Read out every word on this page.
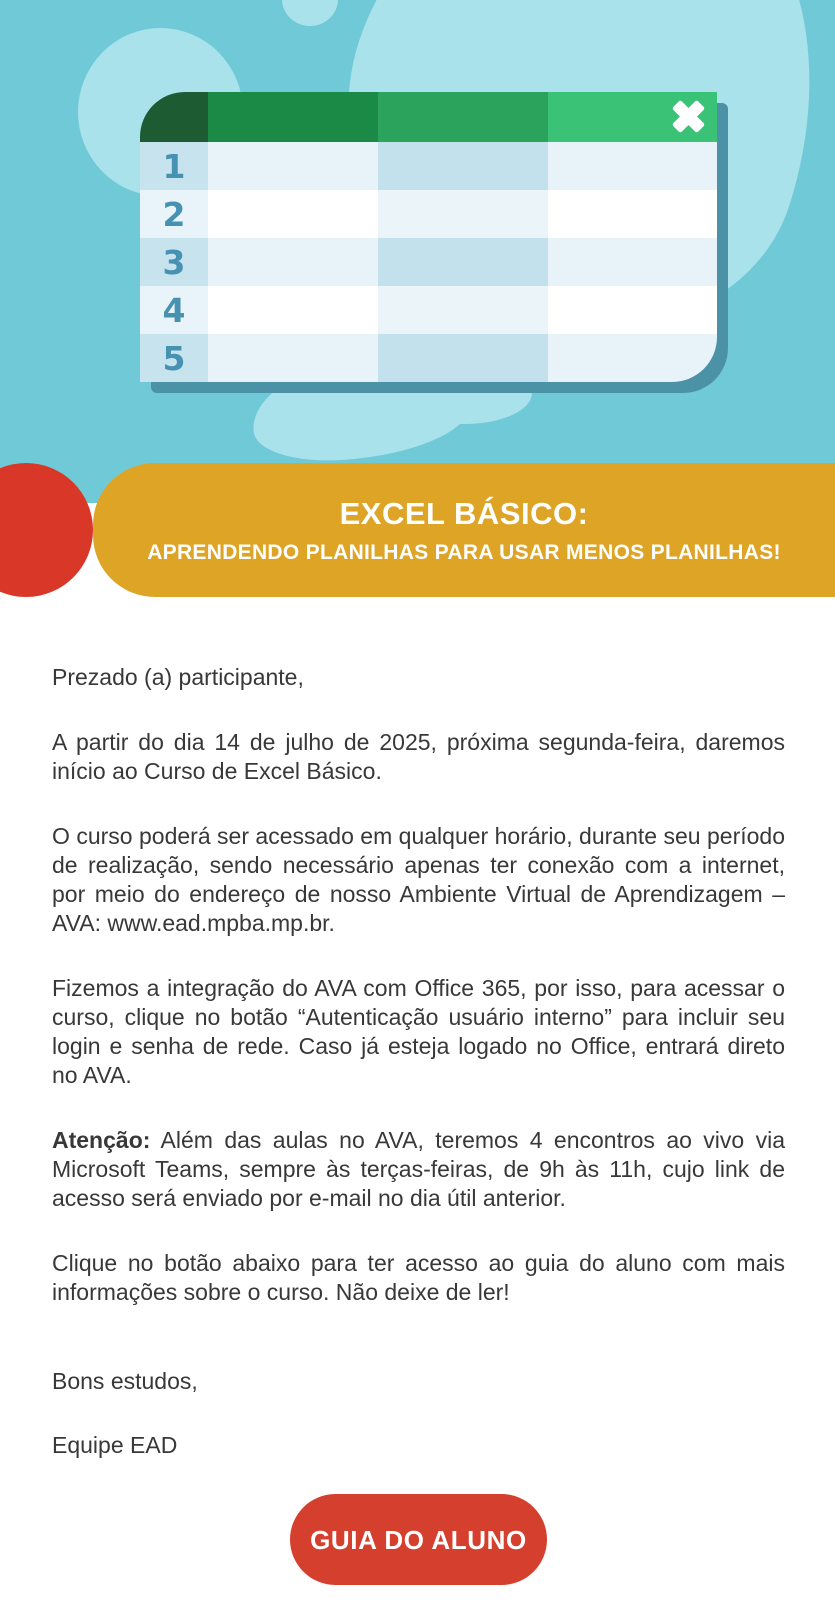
1
2
3
4
5
EXCEL BÁSICO:
APRENDENDO PLANILHAS PARA USAR MENOS PLANILHAS!

Prezado (a) participante,

A partir do dia 14 de julho de 2025, próxima segunda-feira, daremos início ao Curso de Excel Básico.

O curso poderá ser acessado em qualquer horário, durante seu período de realização, sendo necessário apenas ter conexão com a internet, por meio do endereço de nosso Ambiente Virtual de Aprendizagem – AVA: www.ead.mpba.mp.br.

Fizemos a integração do AVA com Office 365, por isso, para acessar o curso, clique no botão “Autenticação usuário interno” para incluir seu login e senha de rede. Caso já esteja logado no Office, entrará direto no AVA.

Atenção: Além das aulas no AVA, teremos 4 encontros ao vivo via Microsoft Teams, sempre às terças-feiras, de 9h às 11h, cujo link de acesso será enviado por e-mail no dia útil anterior.

Clique no botão abaixo para ter acesso ao guia do aluno com mais informações sobre o curso. Não deixe de ler!

Bons estudos,

Equipe EAD

GUIA DO ALUNO
